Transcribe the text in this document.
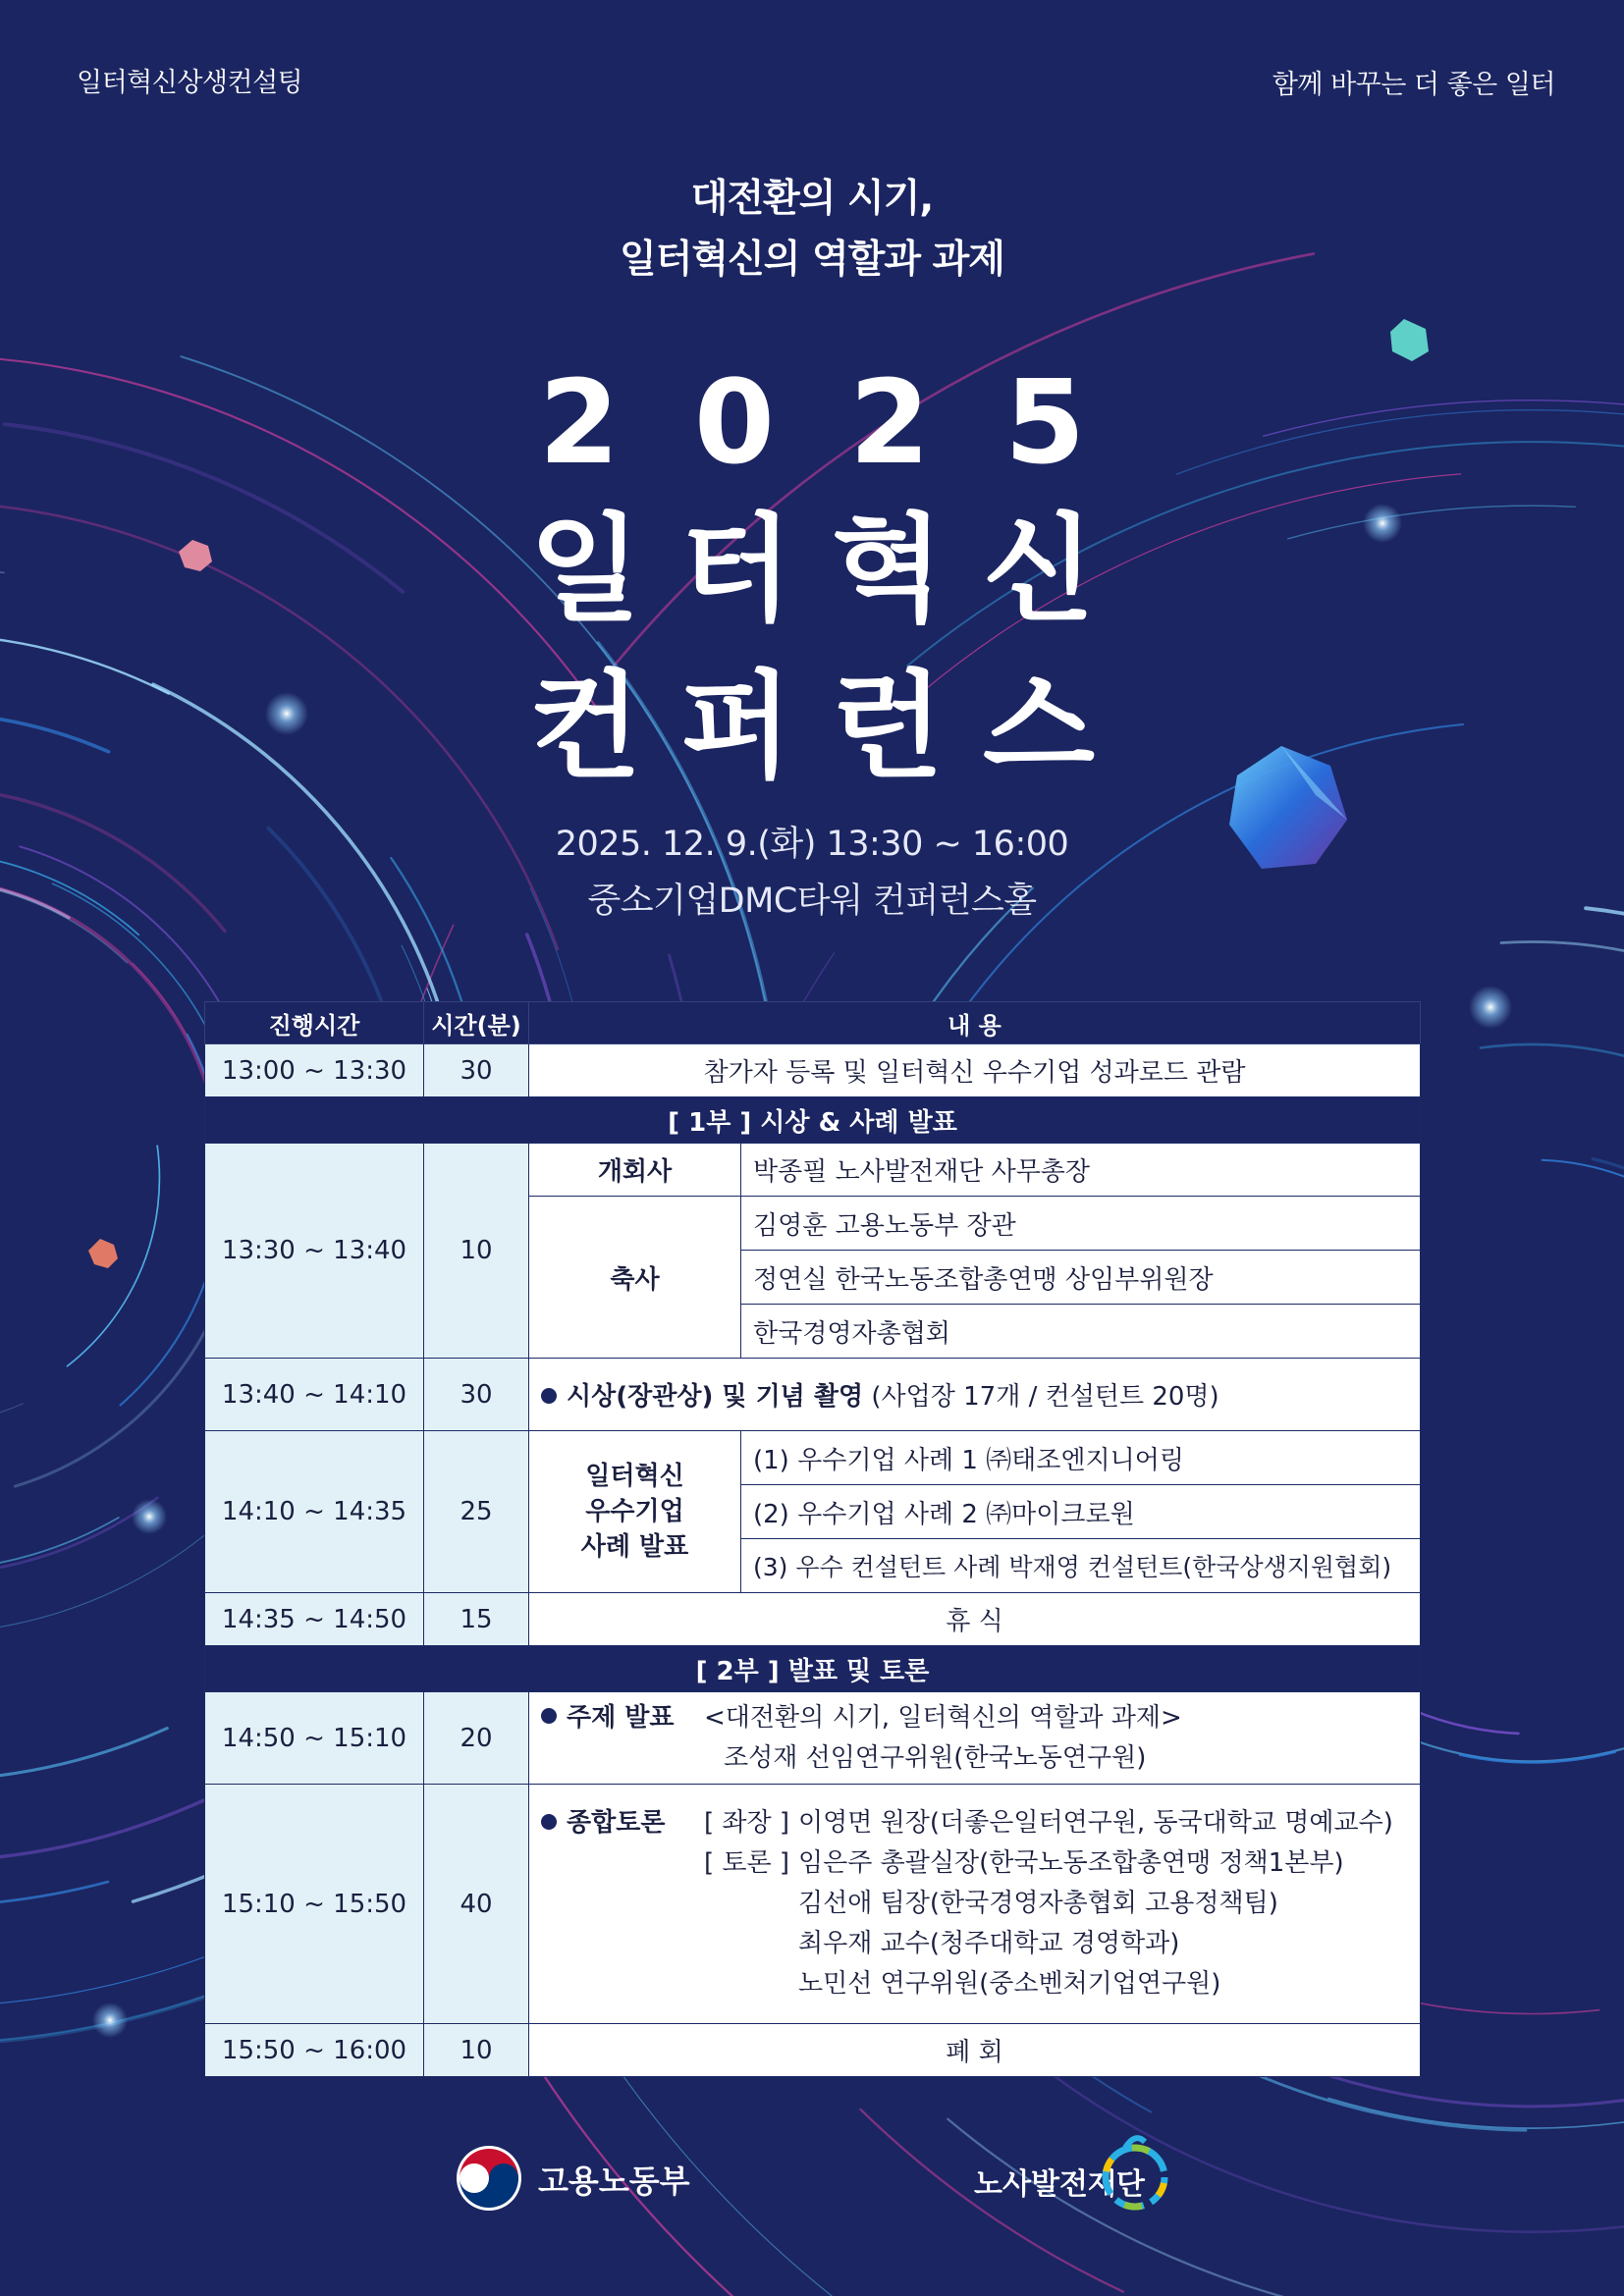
일터혁신상생컨설팅	함께 바꾸는 더 좋은 일터
대전환의 시기,
일터혁신의 역할과 과제
2025
일터혁신
컨퍼런스
2025. 12. 9.(화) 13:30 ~ 16:00
중소기업DMC타워 컨퍼런스홀
진행시간	시간(분)	내 용	
13:00 ~ 13:30	30	참가자 등록 및 일터혁신 우수기업 성과로드 관람	
[ 1부 ] 시상 & 사례 발표			
13:30 ~ 13:40	10	개회사	박종필 노사발전재단 사무총장
		축사	김영훈 고용노동부 장관
			정연실 한국노동조합총연맹 상임부위원장
			한국경영자총협회
13:40 ~ 14:10	30	시상(장관상) 및 기념 촬영 (사업장 17개 / 컨설턴트 20명)	
14:10 ~ 14:35	25	일터혁신
우수기업
사례 발표	(1) 우수기업 사례 1 ㈜태조엔지니어링
			(2) 우수기업 사례 2 ㈜마이크로원
			(3) 우수 컨설턴트 사례 박재영 컨설턴트(한국상생지원협회)
14:35 ~ 14:50	15	휴 식	
[ 2부 ] 발표 및 토론			
14:50 ~ 15:10	20	주제 발표 <대전환의 시기, 일터혁신의 역할과 과제>
조성재 선임연구위원(한국노동연구원)	

15:10 ~ 15:50	40	종합토론 [ 좌장 ] 이영면 원장(더좋은일터연구원, 동국대학교 명예교수)
[ 토론 ] 임은주 총괄실장(한국노동조합총연맹 정책1본부)
김선애 팀장(한국경영자총협회 고용정책팀)
최우재 교수(청주대학교 경영학과)
노민선 연구위원(중소벤처기업연구원)	

15:50 ~ 16:00	10	폐 회	
고용노동부	노사발전재단
